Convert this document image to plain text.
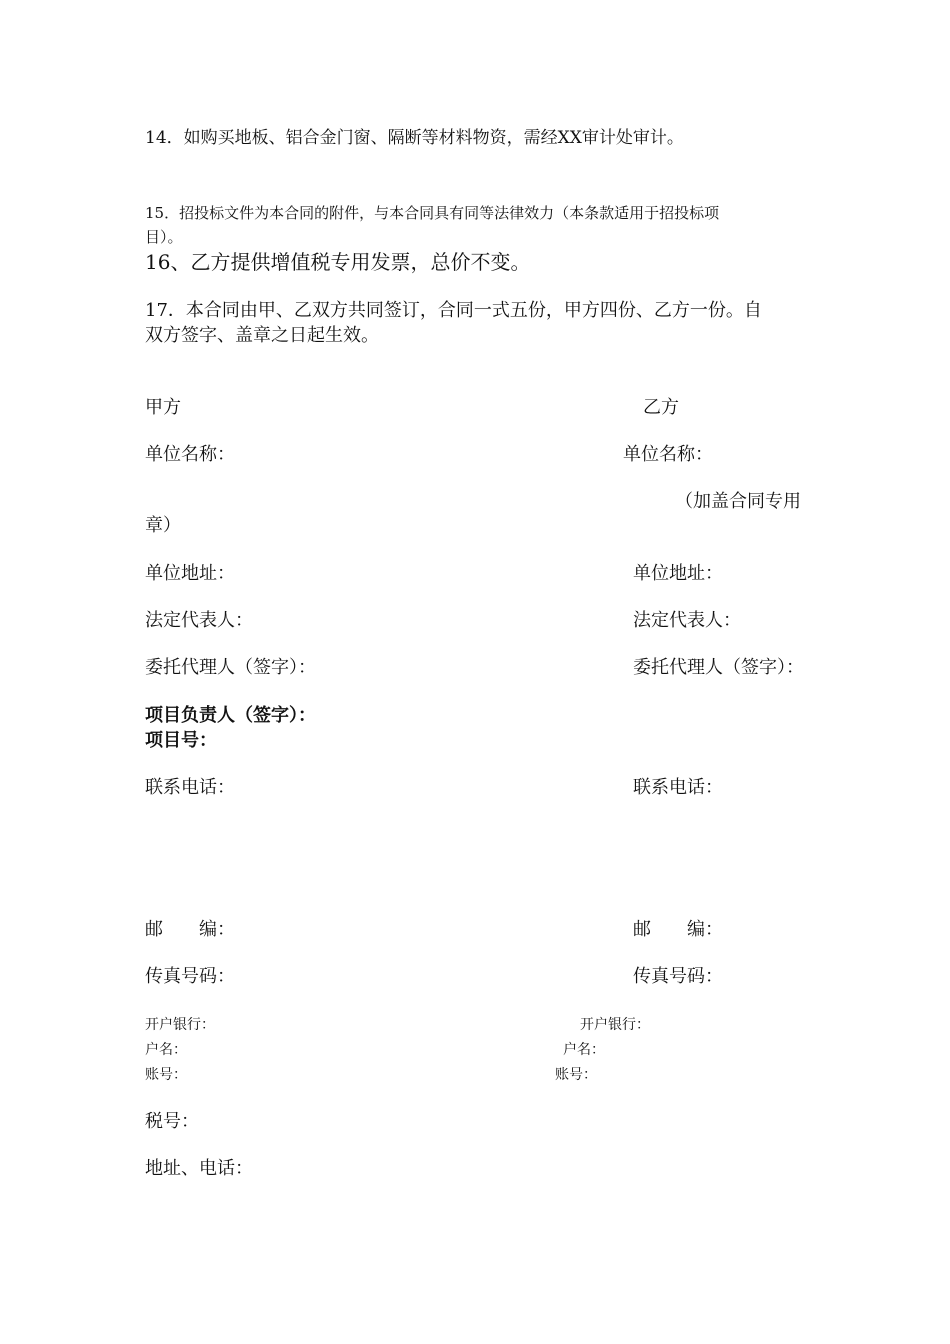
14．如购买地板、铝合金门窗、隔断等材料物资，需经XX审计处审计。
15．招投标文件为本合同的附件，与本合同具有同等法律效力（本条款适用于招投标项
目）。
16、乙方提供增值税专用发票，总价不变。
17．本合同由甲、乙双方共同签订，合同一式五份，甲方四份、乙方一份。自
双方签字、盖章之日起生效。
甲方	乙方
单位名称：	单位名称：
（加盖合同专用
章）
单位地址：	单位地址：
法定代表人：	法定代表人：
委托代理人（签字）：	委托代理人（签字）：
项目负责人（签字）：
项目号：
联系电话：	联系电话：
邮　　编：	邮　　编：
传真号码：	传真号码：
开户银行：	开户银行：
户名：	户名：
账号：	账号：
税号：
地址、电话：
